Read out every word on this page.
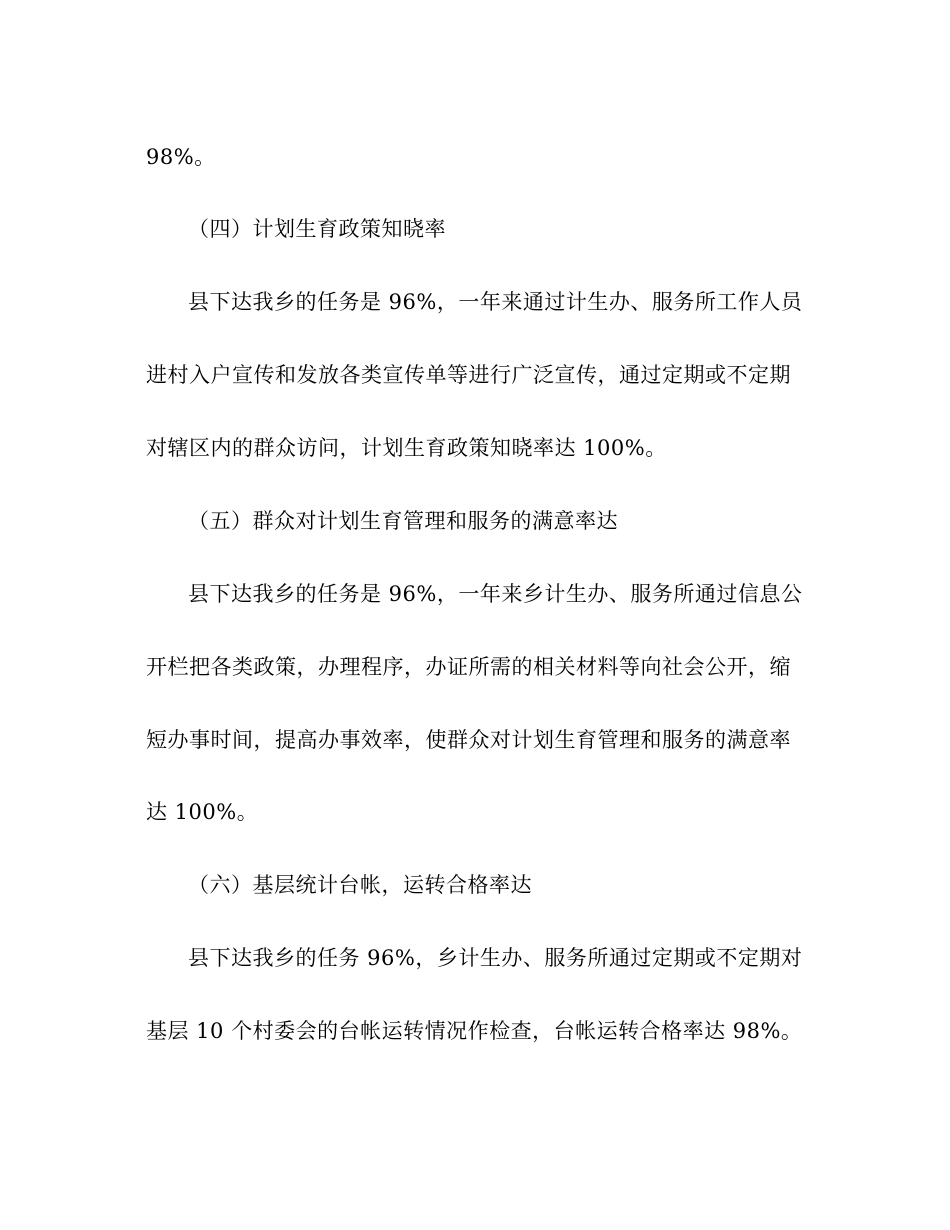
98%。
（四）计划生育政策知晓率
县下达我乡的任务是 96%，一年来通过计生办、服务所工作人员
进村入户宣传和发放各类宣传单等进行广泛宣传，通过定期或不定期
对辖区内的群众访问，计划生育政策知晓率达 100%。
（五）群众对计划生育管理和服务的满意率达
县下达我乡的任务是 96%，一年来乡计生办、服务所通过信息公
开栏把各类政策，办理程序，办证所需的相关材料等向社会公开，缩
短办事时间，提高办事效率，使群众对计划生育管理和服务的满意率
达 100%。
（六）基层统计台帐，运转合格率达
县下达我乡的任务 96%，乡计生办、服务所通过定期或不定期对
基层 10 个村委会的台帐运转情况作检查，台帐运转合格率达 98%。
